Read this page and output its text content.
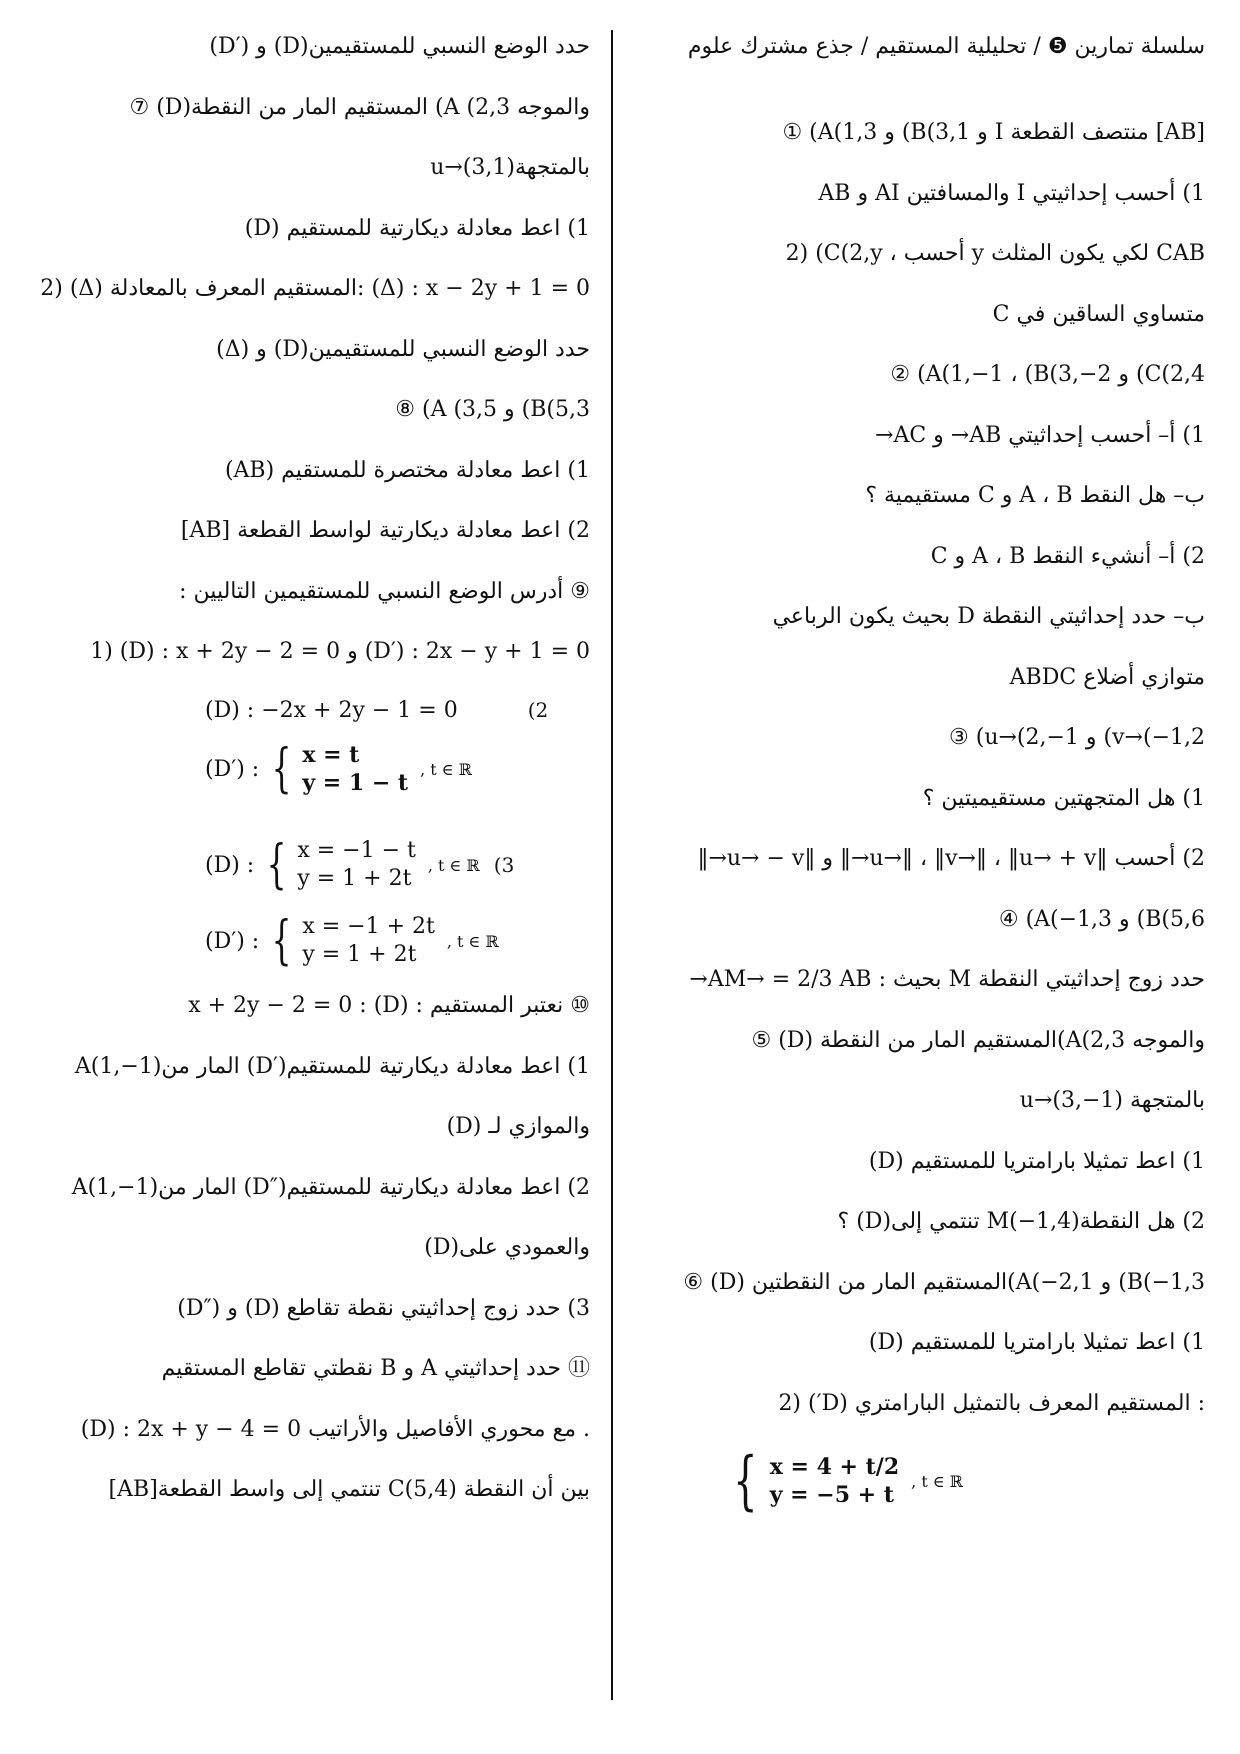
سلسلة تمارين ❺ / تحليلية المستقيم / جذع مشترك علوم
① (A(1,3 و (B(3,1 و I منتصف القطعة [AB]
1) أحسب إحداثيتي I والمسافتين AI و AB
2) (C(2,y ، أحسب y لكي يكون المثلث CAB
متساوي الساقين في C
② (A(1,−1 ، (B(3,−2 و (C(2,4
1) أ– أحسب إحداثيتي AB→ و AC→
ب– هل النقط A ، B و C مستقيمية ؟
2) أ– أنشيء النقط A ، B و C
ب– حدد إحداثيتي النقطة D بحيث يكون الرباعي
ABDC متوازي أضلاع
③ (u→(2,−1 و (v→(−1,2
1) هل المتجهتين مستقيميتين ؟
2) أحسب ‖u→‖ ، ‖v→‖ ، ‖u→ + v→‖ و ‖u→ − v→‖
④ (A(−1,3 و (B(5,6
حدد زوج إحداثيتي النقطة M بحيث : AM→ = 2/3 AB→
⑤ (D) المستقيم المار من النقطة(A(2,3 والموجه
بالمتجهة (u→(3,−1
1) اعط تمثيلا بارامتريا للمستقيم (D)
2) هل النقطة(M(−1,4 تنتمي إلى(D) ؟
⑥ (D) المستقيم المار من النقطتين(A(−2,1 و (B(−1,3
1) اعط تمثيلا بارامتريا للمستقيم (D)
2) (′D) المستقيم المعرف بالتمثيل البارامتري :
{ x = 4 + t/2
y = −5 + t
, t ∈ ℝ
حدد الوضع النسبي للمستقيمين(D) و (′D)
⑦ (D)المستقيم المار من النقطة (A (2,3 والموجه
بالمتجهة(u→(3,1
1) اعط معادلة ديكارتية للمستقيم (D)
2) (Δ) المستقيم المعرف بالمعادلة: (Δ) : x − 2y + 1 = 0
حدد الوضع النسبي للمستقيمين(D) و (Δ)
⑧ (A (3,5 و (B(5,3
1) اعط معادلة مختصرة للمستقيم (AB)
2) اعط معادلة ديكارتية لواسط القطعة [AB]
⑨ أدرس الوضع النسبي للمستقيمين التاليين :
1) (D) : x + 2y − 2 = 0 و (D′) : 2x − y + 1 = 0
(D) : −2x + 2y − 1 = 0	(2
(D′) : { x = t
y = 1 − t
, t ∈ ℝ
(D) : { x = −1 − t
y = 1 + 2t
, t ∈ ℝ (3
(D′) : { x = −1 + 2t
y = 1 + 2t
, t ∈ ℝ
⑩ نعتبر المستقيم : (D) : x + 2y − 2 = 0
1) اعط معادلة ديكارتية للمستقيم(′D) المار من(A(1,−1
والموازي لـ (D)
2) اعط معادلة ديكارتية للمستقيم(″D) المار من(A(1,−1
والعمودي على(D)
3) حدد زوج إحداثيتي نقطة تقاطع (D) و (″D)
⑪ حدد إحداثيتي A و B نقطتي تقاطع المستقيم
(D) : 2x + y − 4 = 0 مع محوري الأفاصيل والأراتيب .
بين أن النقطة (C(5,4 تنتمي إلى واسط القطعة[AB]
